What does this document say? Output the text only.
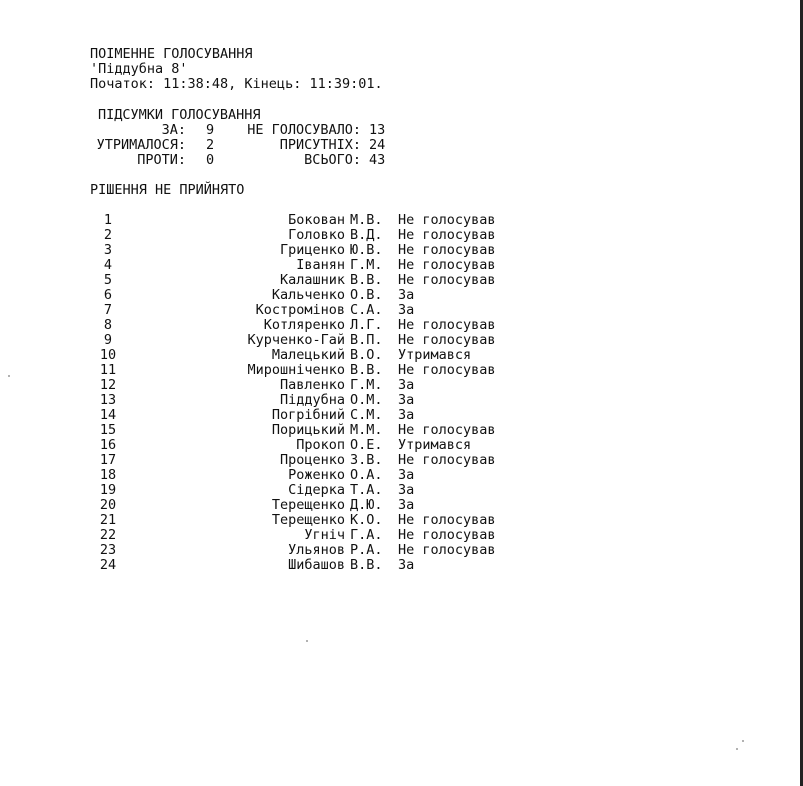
ПОІМЕННЕ ГОЛОСУВАННЯ
'Піддубна 8'
Початок: 11:38:48, Кінець: 11:39:01.
ПІДСУМКИ ГОЛОСУВАННЯ
ЗА: 9	НЕ ГОЛОСУВАЛО: 13
УТРИМАЛОСЯ: 2	ПРИСУТНІХ: 24
ПРОТИ: 0	ВСЬОГО: 43
РІШЕННЯ НЕ ПРИЙНЯТО
1	Бокован М.В. Не голосував
2	Головко В.Д. Не голосував
3	Гриценко Ю.В. Не голосував
4	Іванян Г.М. Не голосував
5	Калашник В.В. Не голосував
6	Кальченко О.В. За
7	Костромінов С.А. За
8	Котляренко Л.Г. Не голосував
9	Курченко-Гай В.П. Не голосував
10	Малецький В.О. Утримався
11	Мирошніченко В.В. Не голосував
12	Павленко Г.М. За
13	Піддубна О.М. За
14	Погрібний С.М. За
15	Порицький М.М. Не голосував
16	Прокоп О.Е. Утримався
17	Проценко З.В. Не голосував
18	Роженко О.А. За
19	Сідерка Т.А. За
20	Терещенко Д.Ю. За
21	Терещенко К.О. Не голосував
22	Угніч Г.А. Не голосував
23	Ульянов Р.А. Не голосував
24	Шибашов В.В. За
